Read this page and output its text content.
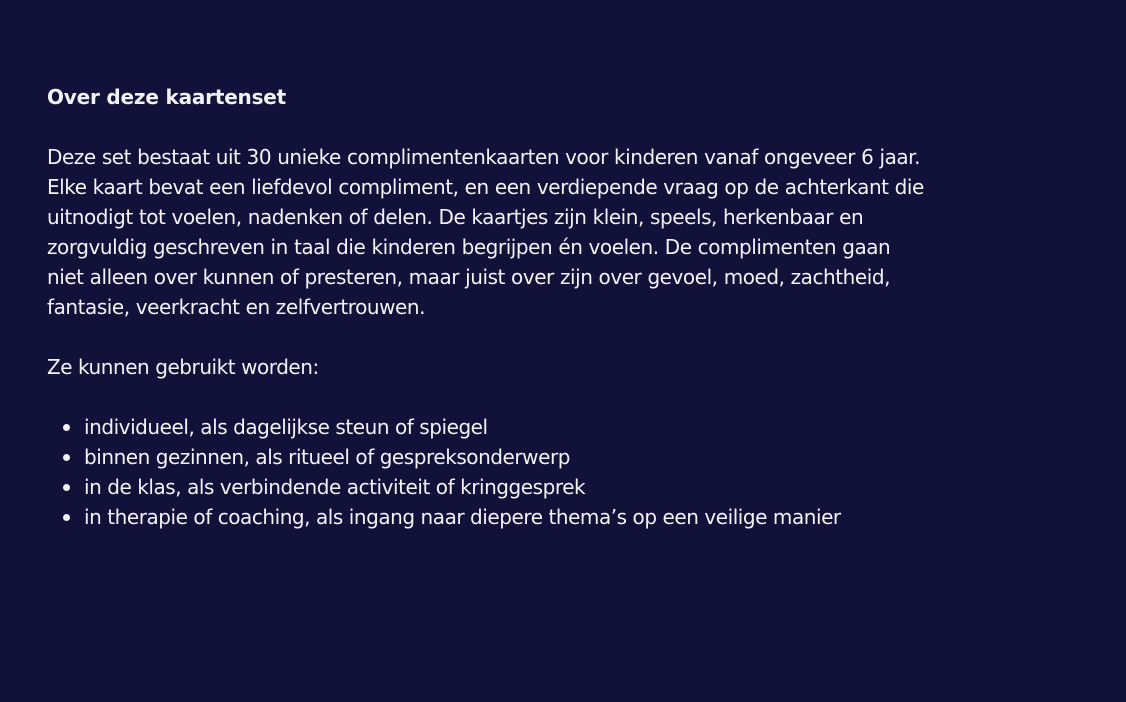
Over deze kaartenset

Deze set bestaat uit 30 unieke complimentenkaarten voor kinderen vanaf ongeveer 6 jaar.
Elke kaart bevat een liefdevol compliment, en een verdiepende vraag op de achterkant die
uitnodigt tot voelen, nadenken of delen. De kaartjes zijn klein, speels, herkenbaar en
zorgvuldig geschreven in taal die kinderen begrijpen én voelen. De complimenten gaan
niet alleen over kunnen of presteren, maar juist over zijn over gevoel, moed, zachtheid,
fantasie, veerkracht en zelfvertrouwen.

Ze kunnen gebruikt worden:

individueel, als dagelijkse steun of spiegel
binnen gezinnen, als ritueel of gespreksonderwerp
in de klas, als verbindende activiteit of kringgesprek
in therapie of coaching, als ingang naar diepere thema’s op een veilige manier
